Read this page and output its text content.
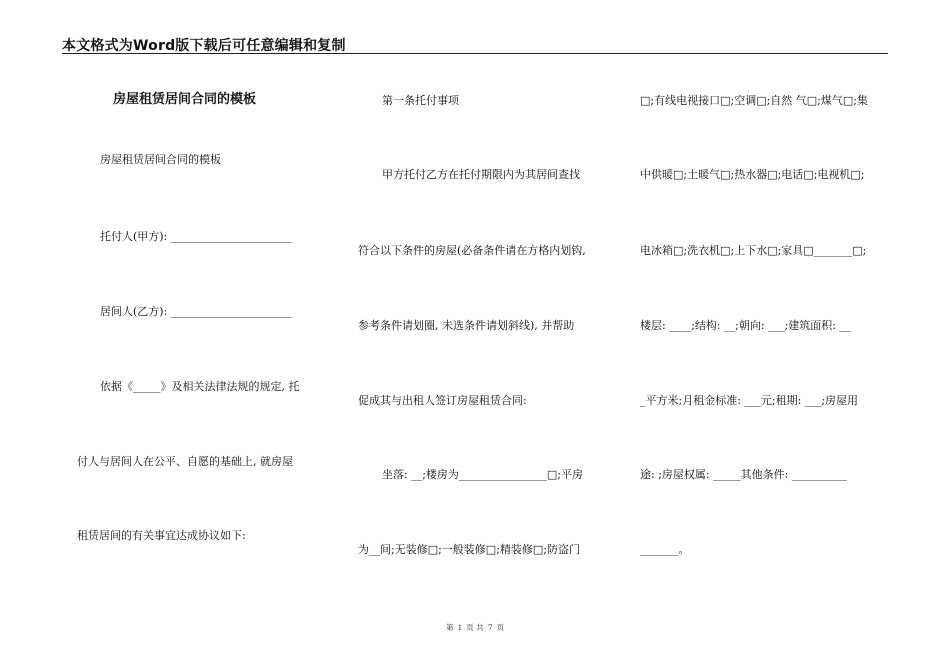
本文格式为Word版下载后可任意编辑和复制
房屋租赁居间合同的模板
房屋租赁居间合同的模板
托付人(甲方): ______________________
居间人(乙方): ______________________
依据《_____》及相关法律法规的规定, 托
付人与居间人在公平、自愿的基础上, 就房屋
租赁居间的有关事宜达成协议如下:
第一条托付事项
甲方托付乙方在托付期限内为其居间查找
符合以下条件的房屋(必备条件请在方格内划钩,
参考条件请划圈, 未选条件请划斜线), 并帮助
促成其与出租人签订房屋租赁合同:
坐落: __;楼房为________________□;平房
为__间;无装修□;一般装修□;精装修□;防盗门
□;有线电视接口□;空调□;自然 气□;煤气□;集
中供暖□;土暖气□;热水器□;电话□;电视机□;
电冰箱□;洗衣机□;上下水□;家具□_______□;
楼层: ____;结构: __;朝向: ___;建筑面积: __
_平方米;月租金标准: ___元;租期: ___;房屋用
途: ;房屋权属: _____其他条件: __________
_______。
第 1 页 共 7 页
